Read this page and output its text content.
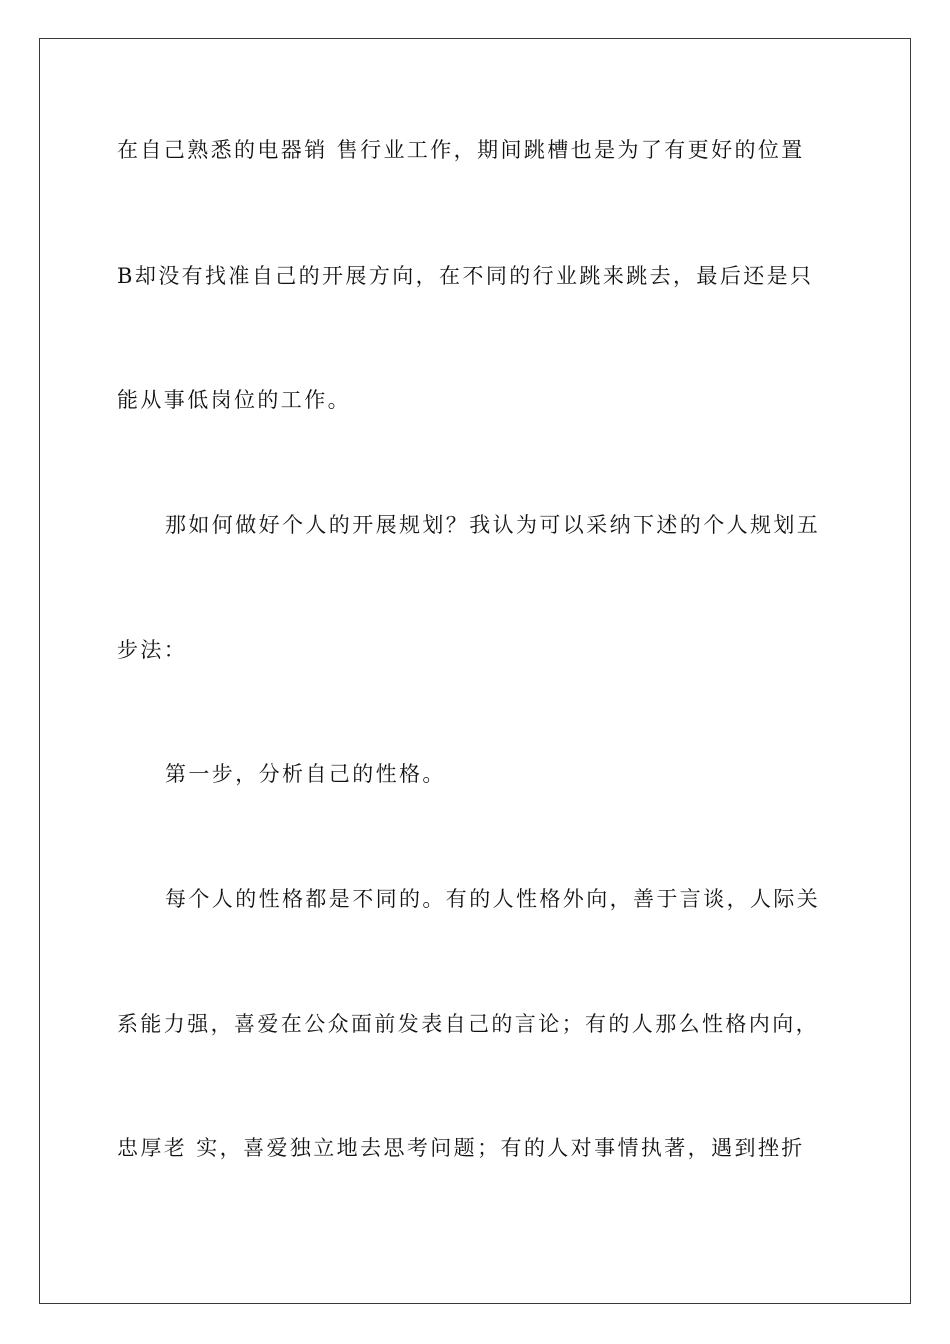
在自己熟悉的电器销 售行业工作，期间跳槽也是为了有更好的位置
B却没有找准自己的开展方向，在不同的行业跳来跳去，最后还是只
能从事低岗位的工作。
那如何做好个人的开展规划？我认为可以采纳下述的个人规划五
步法：
第一步，分析自己的性格。
每个人的性格都是不同的。有的人性格外向，善于言谈，人际关
系能力强，喜爱在公众面前发表自己的言论；有的人那么性格内向，
忠厚老 实，喜爱独立地去思考问题；有的人对事情执著，遇到挫折
